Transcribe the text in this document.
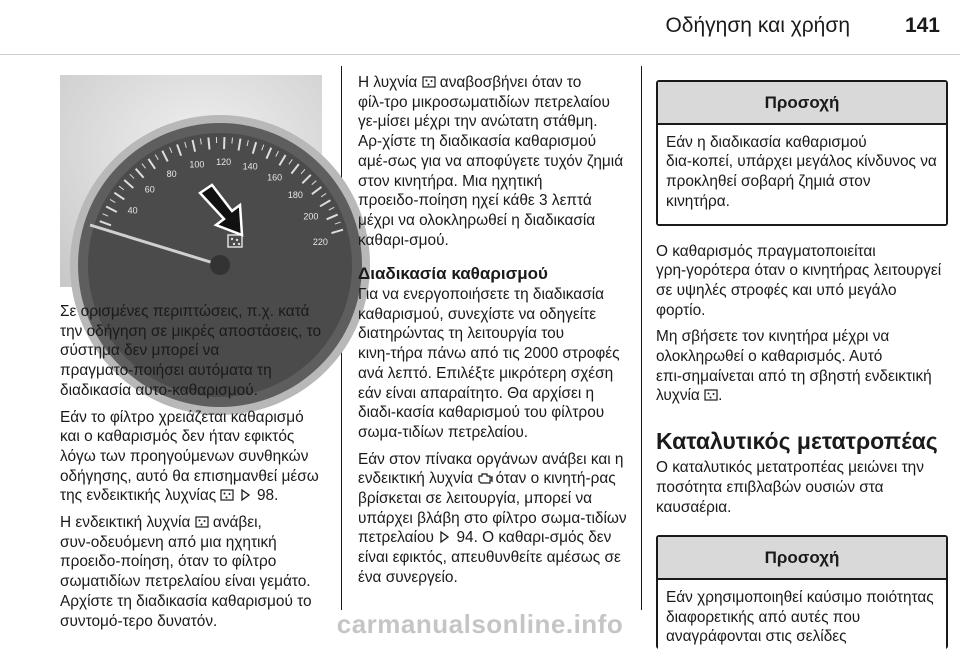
Οδήγηση και χρήση	141
40
60
80
100 120 140
160
180
200
220

Σε ορισμένες περιπτώσεις, π.χ. κατά την οδήγηση σε μικρές αποστάσεις, το σύστημα δεν μπορεί να πραγματο‑ποιήσει αυτόματα τη διαδικασία αυτο‑καθαρισμού.

Εάν το φίλτρο χρειάζεται καθαρισμό και ο καθαρισμός δεν ήταν εφικτός λόγω των προηγούμενων συνθηκών οδήγησης, αυτό θα επισημανθεί μέσω της ενδεικτικής λυχνίας	98.

Η ενδεικτική λυχνία ανάβει, συν‑οδευόμενη από μια ηχητική προειδο‑ποίηση, όταν το φίλτρο σωματιδίων πετρελαίου είναι γεμάτο. Αρχίστε τη διαδικασία καθαρισμού το συντομό‑τερο δυνατόν.

Η λυχνία αναβοσβήνει όταν το φίλ‑τρο μικροσωματιδίων πετρελαίου γε‑μίσει μέχρι την ανώτατη στάθμη. Αρ‑χίστε τη διαδικασία καθαρισμού αμέ‑σως για να αποφύγετε τυχόν ζημιά στον κινητήρα. Μια ηχητική προειδο‑ποίηση ηχεί κάθε 3 λεπτά μέχρι να ολοκληρωθεί η διαδικασία καθαρι‑σμού.

Διαδικασία καθαρισμού

Για να ενεργοποιήσετε τη διαδικασία καθαρισμού, συνεχίστε να οδηγείτε διατηρώντας τη λειτουργία του κινη‑τήρα πάνω από τις 2000 στροφές ανά λεπτό. Επιλέξτε μικρότερη σχέση εάν είναι απαραίτητο. Θα αρχίσει η διαδι‑κασία καθαρισμού του φίλτρου σωμα‑τιδίων πετρελαίου.

Εάν στον πίνακα οργάνων ανάβει και η ενδεικτική λυχνία όταν ο κινητή‑ρας βρίσκεται σε λειτουργία, μπορεί να υπάρχει βλάβη στο φίλτρο σωμα‑τιδίων πετρελαίου 94. Ο καθαρι‑σμός δεν είναι εφικτός, απευθυνθείτε αμέσως σε ένα συνεργείο.

Προσοχή
Εάν η διαδικασία καθαρισμού δια‑κοπεί, υπάρχει μεγάλος κίνδυνος να προκληθεί σοβαρή ζημιά στον κινητήρα.

Ο καθαρισμός πραγματοποιείται γρη‑γορότερα όταν ο κινητήρας λειτουργεί σε υψηλές στροφές και υπό μεγάλο φορτίο.

Μη σβήσετε τον κινητήρα μέχρι να ολοκληρωθεί ο καθαρισμός. Αυτό επι‑σημαίνεται από τη σβηστή ενδεικτική λυχνία .

Καταλυτικός μετατροπέας

Ο καταλυτικός μετατροπέας μειώνει την ποσότητα επιβλαβών ουσιών στα καυσαέρια.

Προσοχή
Εάν χρησιμοποιηθεί καύσιμο ποιότητας διαφορετικής από αυτές που αναγράφονται στις σελίδες
carmanualsonline.info
